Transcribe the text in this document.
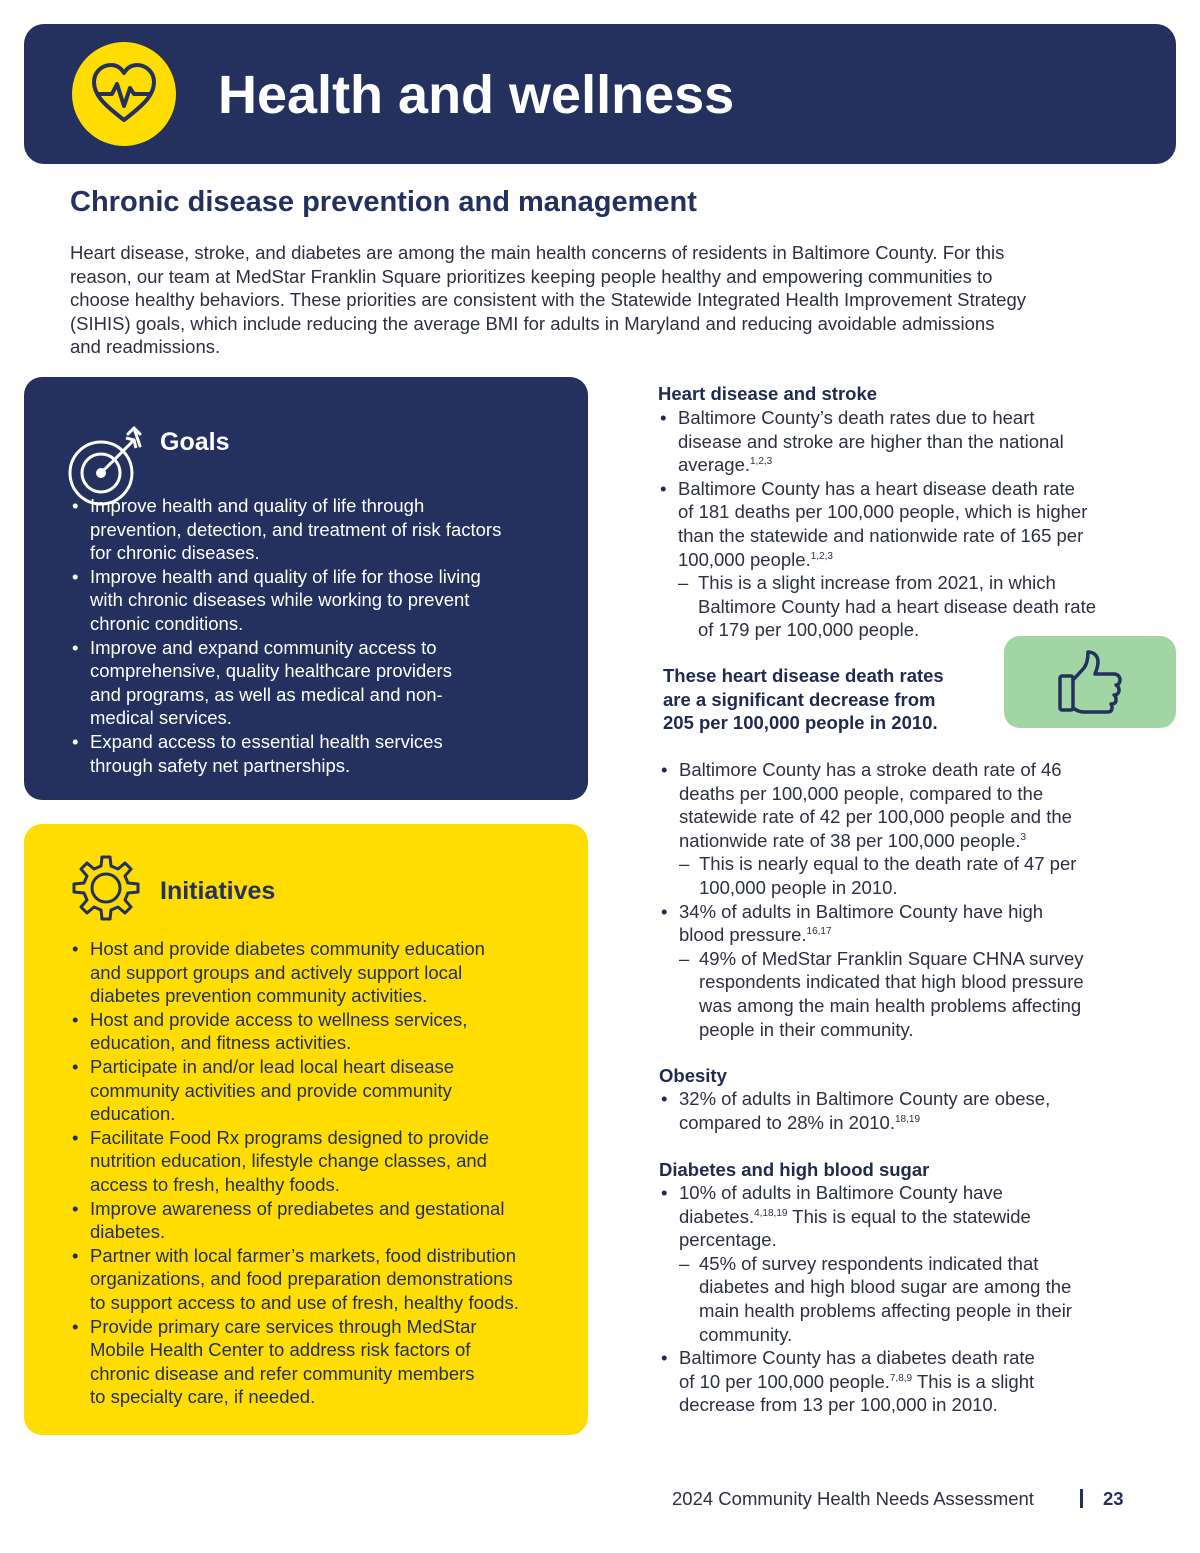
Health and wellness
Chronic disease prevention and management
Heart disease, stroke, and diabetes are among the main health concerns of residents in Baltimore County. For this
reason, our team at MedStar Franklin Square prioritizes keeping people healthy and empowering communities to
choose healthy behaviors. These priorities are consistent with the Statewide Integrated Health Improvement Strategy
(SIHIS) goals, which include reducing the average BMI for adults in Maryland and reducing avoidable admissions
and readmissions.
Goals
• Improve health and quality of life through
prevention, detection, and treatment of risk factors
for chronic diseases.
• Improve health and quality of life for those living
with chronic diseases while working to prevent
chronic conditions.
• Improve and expand community access to
comprehensive, quality healthcare providers
and programs, as well as medical and non-
medical services.
• Expand access to essential health services
through safety net partnerships.
Initiatives
• Host and provide diabetes community education
and support groups and actively support local
diabetes prevention community activities.
• Host and provide access to wellness services,
education, and fitness activities.
• Participate in and/or lead local heart disease
community activities and provide community
education.
• Facilitate Food Rx programs designed to provide
nutrition education, lifestyle change classes, and
access to fresh, healthy foods.
• Improve awareness of prediabetes and gestational
diabetes.
• Partner with local farmer’s markets, food distribution
organizations, and food preparation demonstrations
to support access to and use of fresh, healthy foods.
• Provide primary care services through MedStar
Mobile Health Center to address risk factors of
chronic disease and refer community members
to specialty care, if needed.
Heart disease and stroke
• Baltimore County’s death rates due to heart
disease and stroke are higher than the national
average.$^{1,2,3}$
• Baltimore County has a heart disease death rate
of 181 deaths per 100,000 people, which is higher
than the statewide and nationwide rate of 165 per
100,000 people.$^{1,2,3}$
– This is a slight increase from 2021, in which
Baltimore County had a heart disease death rate
of 179 per 100,000 people.
These heart disease death rates
are a significant decrease from
205 per 100,000 people in 2010.
• Baltimore County has a stroke death rate of 46
deaths per 100,000 people, compared to the
statewide rate of 42 per 100,000 people and the
nationwide rate of 38 per 100,000 people.$^3$
– This is nearly equal to the death rate of 47 per
100,000 people in 2010.
• 34% of adults in Baltimore County have high
blood pressure.$^{16,17}$
– 49% of MedStar Franklin Square CHNA survey
respondents indicated that high blood pressure
was among the main health problems affecting
people in their community.
Obesity
• 32% of adults in Baltimore County are obese,
compared to 28% in 2010.$^{18,19}$
Diabetes and high blood sugar
• 10% of adults in Baltimore County have
diabetes.$^{4,18,19}$ This is equal to the statewide
percentage.
– 45% of survey respondents indicated that
diabetes and high blood sugar are among the
main health problems affecting people in their
community.
• Baltimore County has a diabetes death rate
of 10 per 100,000 people.$^{7,8,9}$ This is a slight
decrease from 13 per 100,000 in 2010.
2024 Community Health Needs Assessment	23
